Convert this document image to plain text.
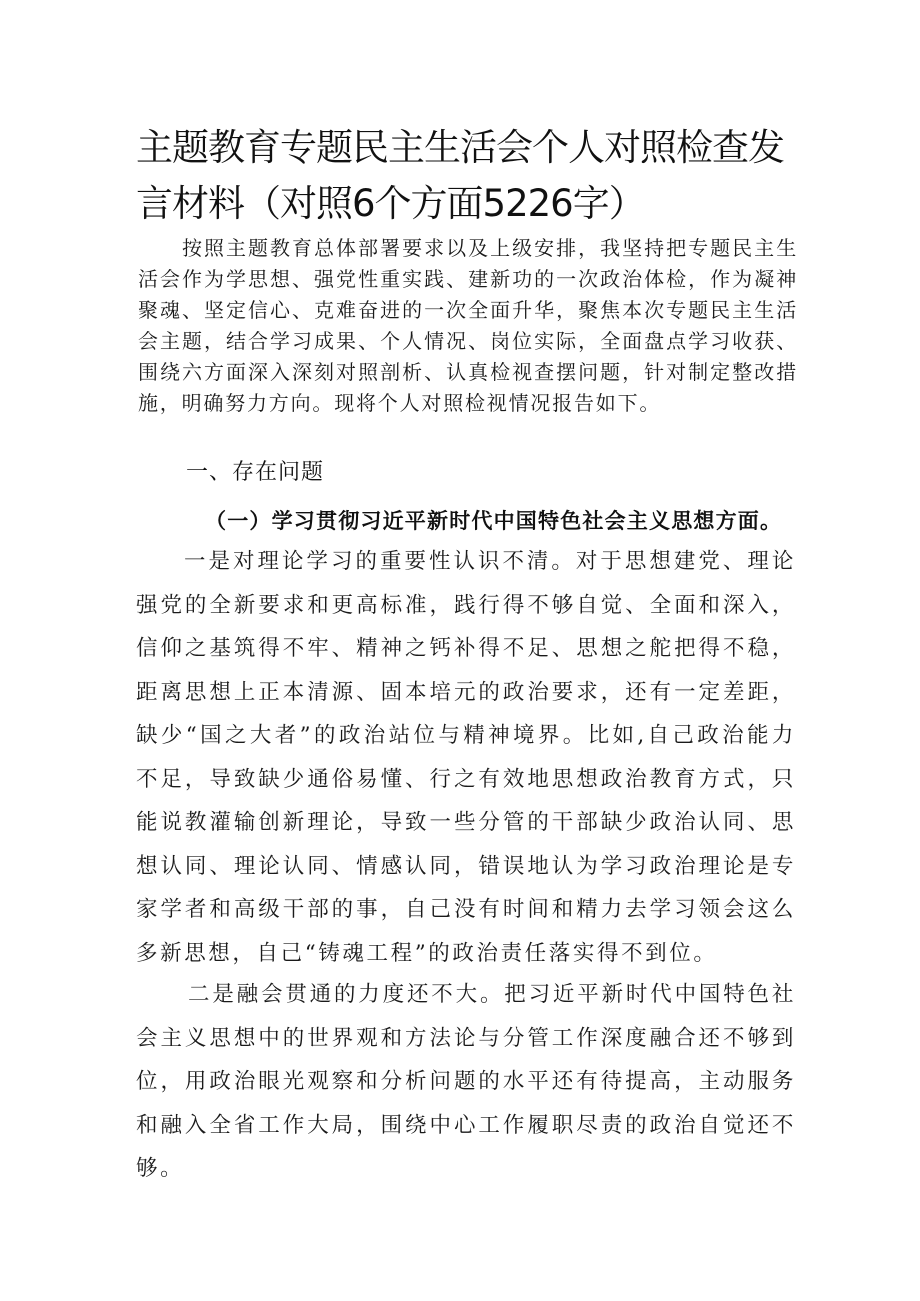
主题教育专题民主生活会个人对照检查发
言材料（对照6个方面5226字）

按照主题教育总体部署要求以及上级安排，我坚持把专题民主生活会作为学思想、强党性重实践、建新功的一次政治体检，作为凝神聚魂、坚定信心、克难奋进的一次全面升华，聚焦本次专题民主生活会主题，结合学习成果、个人情况、岗位实际，全面盘点学习收获、围绕六方面深入深刻对照剖析、认真检视查摆问题，针对制定整改措施，明确努力方向。现将个人对照检视情况报告如下。

一、存在问题
（一）学习贯彻习近平新时代中国特色社会主义思想方面。

一是对理论学习的重要性认识不清。对于思想建党、理论强党的全新要求和更高标准，践行得不够自觉、全面和深入，信仰之基筑得不牢、精神之钙补得不足、思想之舵把得不稳，距离思想上正本清源、固本培元的政治要求，还有一定差距，缺少“国之大者”的政治站位与精神境界。比如,自己政治能力不足，导致缺少通俗易懂、行之有效地思想政治教育方式，只能说教灌输创新理论，导致一些分管的干部缺少政治认同、思想认同、理论认同、情感认同，错误地认为学习政治理论是专家学者和高级干部的事，自己没有时间和精力去学习领会这么多新思想，自己“铸魂工程”的政治责任落实得不到位。

二是融会贯通的力度还不大。把习近平新时代中国特色社会主义思想中的世界观和方法论与分管工作深度融合还不够到位，用政治眼光观察和分析问题的水平还有待提高，主动服务和融入全省工作大局，围绕中心工作履职尽责的政治自觉还不够。
